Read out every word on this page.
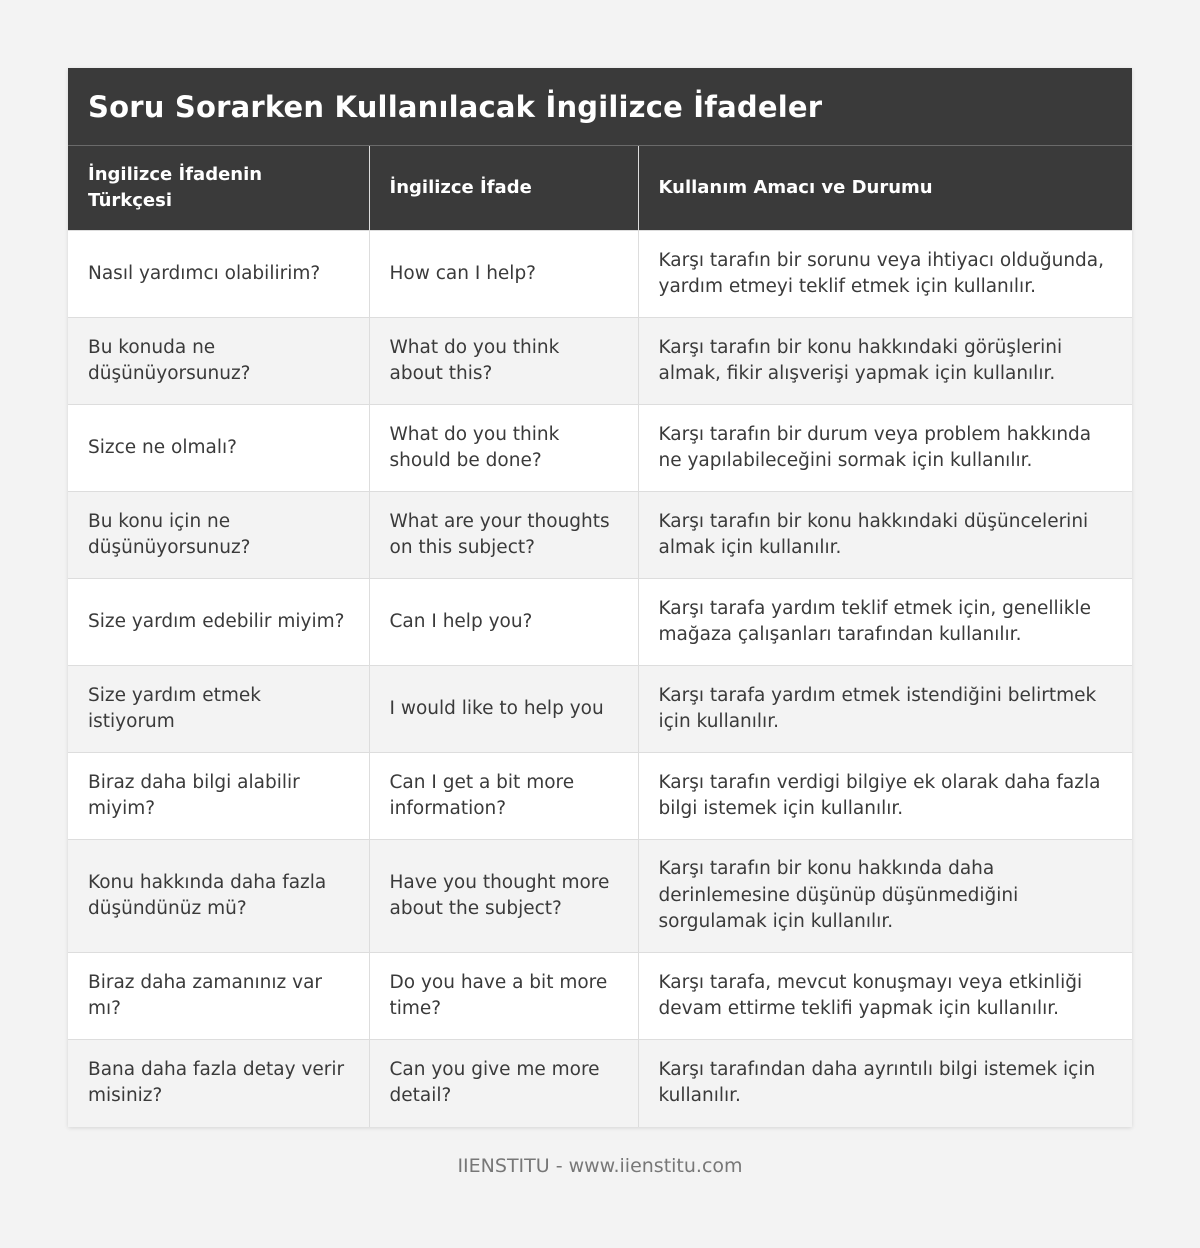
Soru Sorarken Kullanılacak İngilizce İfadeler
İngilizce İfadenin Türkçesi	İngilizce İfade	Kullanım Amacı ve Durumu
Nasıl yardımcı olabilirim?	How can I help?	Karşı tarafın bir sorunu veya ihtiyacı olduğunda, yardım etmeyi teklif etmek için kullanılır.
Bu konuda ne düşünüyorsunuz?	What do you think about this?	Karşı tarafın bir konu hakkındaki görüşlerini almak, fikir alışverişi yapmak için kullanılır.
Sizce ne olmalı?	What do you think should be done?	Karşı tarafın bir durum veya problem hakkında ne yapılabileceğini sormak için kullanılır.
Bu konu için ne düşünüyorsunuz?	What are your thoughts on this subject?	Karşı tarafın bir konu hakkındaki düşüncelerini almak için kullanılır.
Size yardım edebilir miyim?	Can I help you?	Karşı tarafa yardım teklif etmek için, genellikle mağaza çalışanları tarafından kullanılır.
Size yardım etmek istiyorum	I would like to help you	Karşı tarafa yardım etmek istendiğini belirtmek için kullanılır.
Biraz daha bilgi alabilir miyim?	Can I get a bit more information?	Karşı tarafın verdigi bilgiye ek olarak daha fazla bilgi istemek için kullanılır.
Konu hakkında daha fazla düşündünüz mü?	Have you thought more about the subject?	Karşı tarafın bir konu hakkında daha derinlemesine düşünüp düşünmediğini sorgulamak için kullanılır.
Biraz daha zamanınız var mı?	Do you have a bit more time?	Karşı tarafa, mevcut konuşmayı veya etkinliği devam ettirme teklifi yapmak için kullanılır.
Bana daha fazla detay verir misiniz?	Can you give me more detail?	Karşı tarafından daha ayrıntılı bilgi istemek için kullanılır.
IIENSTITU - www.iienstitu.com
